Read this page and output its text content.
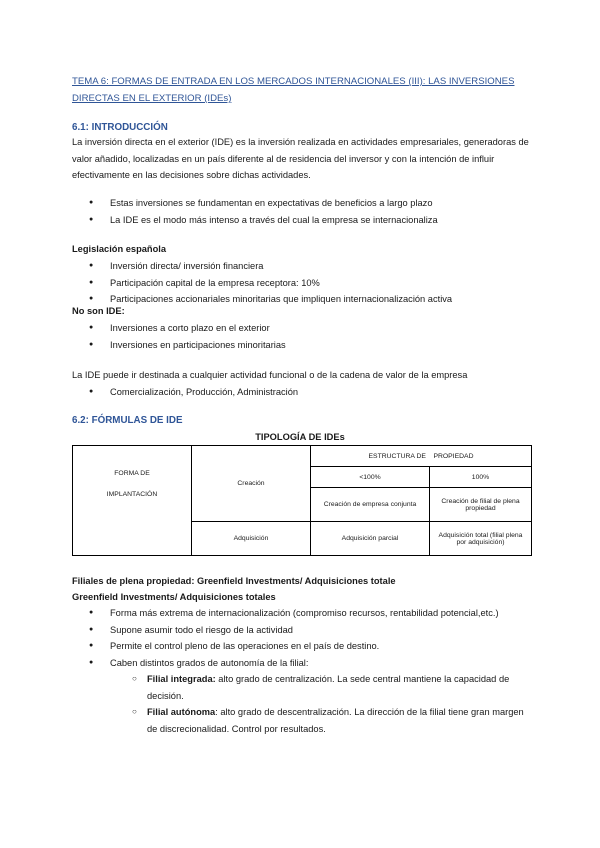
TEMA 6: FORMAS DE ENTRADA EN LOS MERCADOS INTERNACIONALES (III): LAS INVERSIONES DIRECTAS EN EL EXTERIOR (IDEs)
6.1: INTRODUCCIÓN
La inversión directa en el exterior (IDE) es la inversión realizada en actividades empresariales, generadoras de valor añadido, localizadas en un país diferente al de residencia del inversor y con la intención de influir efectivamente en las decisiones sobre dichas actividades.
● Estas inversiones se fundamentan en expectativas de beneficios a largo plazo
● La IDE es el modo más intenso a través del cual la empresa se internacionaliza
Legislación española
● Inversión directa/ inversión financiera
● Participación capital de la empresa receptora: 10%
● Participaciones accionariales minoritarias que impliquen internacionalización activa
No son IDE:
● Inversiones a corto plazo en el exterior
● Inversiones en participaciones minoritarias
La IDE puede ir destinada a cualquier actividad funcional o de la cadena de valor de la empresa
● Comercialización, Producción, Administración
6.2: FÓRMULAS DE IDE
TIPOLOGÍA DE IDEs
FORMA DE
IMPLANTACIÓN	Creación	ESTRUCTURA DE    PROPIEDAD	
		<100%	100%
		Creación de empresa conjunta	Creación de filial de plena propiedad
	Adquisición	Adquisición parcial	Adquisición total (filial plena por adquisición)
Filiales de plena propiedad: Greenfield Investments/ Adquisiciones totale
Greenfield Investments/ Adquisiciones totales
● Forma más extrema de internacionalización (compromiso recursos, rentabilidad potencial,etc.)
● Supone asumir todo el riesgo de la actividad
● Permite el control pleno de las operaciones en el país de destino.
● Caben distintos grados de autonomía de la filial:
○ Filial integrada: alto grado de centralización. La sede central mantiene la capacidad de decisión.
○ Filial autónoma: alto grado de descentralización. La dirección de la filial tiene gran margen de discrecionalidad. Control por resultados.
